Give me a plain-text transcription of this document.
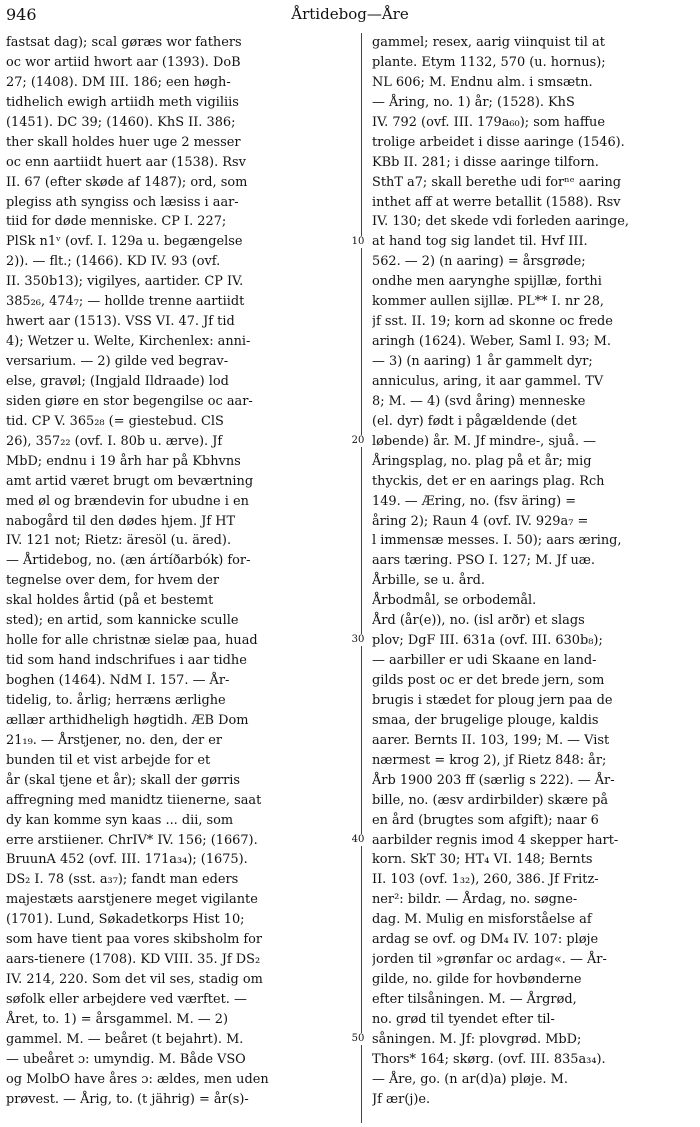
946	Årtidebog—Åre
fastsat dag); scal gøræs wor fathers
oc wor artiid hwort aar (1393). DoB
27; (1408). DM III. 186; een høgh-
tidhelich ewigh artiidh meth vigiliis
(1451). DC 39; (1460). KhS II. 386;
ther skall holdes huer uge 2 messer
oc enn aartiidt huert aar (1538). Rsv
II. 67 (efter skøde af 1487); ord, som
plegiss ath syngiss och læsiss i aar-
tiid for døde menniske. CP I. 227;
PlSk n1ᵛ (ovf. I. 129a u. begængelse
2)). — flt.; (1466). KD IV. 93 (ovf.
II. 350b13); vigilyes, aartider. CP IV.
385₂₆, 474₇; — hollde trenne aartiidt
hwert aar (1513). VSS VI. 47. Jf tid
4); Wetzer u. Welte, Kirchenlex: anni-
versarium. — 2) gilde ved begrav-
else, gravøl; (Ingjald Ildraade) lod
siden giøre en stor begengilse oc aar-
tid. CP V. 365₂₈ (= giestebud. ClS
26), 357₂₂ (ovf. I. 80b u. ærve). Jf
MbD; endnu i 19 årh har på Kbhvns
amt artid været brugt om beværtning
med øl og brændevin for ubudne i en
nabogård til den dødes hjem. Jf HT
IV. 121 not; Rietz: äresöl (u. äred).
— Årtidebog, no. (æn ártíðarbók) for-
tegnelse over dem, for hvem der
skal holdes årtid (på et bestemt
sted); en artid, som kannicke sculle
holle for alle christnæ sielæ paa, huad
tid som hand indschrifues i aar tidhe
boghen (1464). NdM I. 157. — År-
tidelig, to. årlig; herræns ærlighe
ællær arthidheligh høgtidh. ÆB Dom
21₁₉. — Årstjener, no. den, der er
bunden til et vist arbejde for et
år (skal tjene et år); skall der gørris
affregning med manidtz tiienerne, saat
dy kan komme syn kaas ... dii, som
erre arstiiener. ChrIV* IV. 156; (1667).
BruunA 452 (ovf. III. 171a₃₄); (1675).
DS₂ I. 78 (sst. a₃₇); fandt man eders
majestæts aarstjenere meget vigilante
(1701). Lund, Søkadetkorps Hist 10;
som have tient paa vores skibsholm for
aars-tienere (1708). KD VIII. 35. Jf DS₂
IV. 214, 220. Som det vil ses, stadig om
søfolk eller arbejdere ved værftet. —
Året, to. 1) = årsgammel. M. — 2)
gammel. M. — beåret (t bejahrt). M.
— ubeåret ɔ: umyndig. M. Både VSO
og MolbO have åres ɔ: ældes, men uden
prøvest. — Årig, to. (t jährig) = år(s)-
gammel; resex, aarig viinquist til at
plante. Etym 1132, 570 (u. hornus);
NL 606; M. Endnu alm. i smsætn.
— Åring, no. 1) år; (1528). KhS
IV. 792 (ovf. III. 179a₆₀); som haffue
trolige arbeidet i disse aaringe (1546).
KBb II. 281; i disse aaringe tilforn.
SthT a7; skall berethe udi forⁿᵉ aaring
inthet aff at werre betallit (1588). Rsv
IV. 130; det skede vdi forleden aaringe,
at hand tog sig landet til. Hvf III.
562. — 2) (n aaring) = årsgrøde;
ondhe men aarynghe spijllæ, forthi
kommer aullen sijllæ. PL** I. nr 28,
jf sst. II. 19; korn ad skonne oc frede
aringh (1624). Weber, Saml I. 93; M.
— 3) (n aaring) 1 år gammelt dyr;
anniculus, aring, it aar gammel. TV
8; M. — 4) (svd åring) menneske
(el. dyr) født i pågældende (det
løbende) år. M. Jf mindre-, sjuå. —
Åringsplag, no. plag på et år; mig
thyckis, det er en aarings plag. Rch
149. — Æring, no. (fsv äring) =
åring 2); Raun 4 (ovf. IV. 929a₇ =
l immensæ messes. I. 50); aars æring,
aars tæring. PSO I. 127; M. Jf uæ.
Årbille, se u. ård.
Årbodmål, se orbodemål.
Ård (år(e)), no. (isl arðr) et slags
plov; DgF III. 631a (ovf. III. 630b₈);
— aarbiller er udi Skaane en land-
gilds post oc er det brede jern, som
brugis i stædet for ploug jern paa de
smaa, der brugelige plouge, kaldis
aarer. Bernts II. 103, 199; M. — Vist
nærmest = krog 2), jf Rietz 848: år;
Årb 1900 203 ff (særlig s 222). — År-
bille, no. (æsv ardirbilder) skære på
en ård (brugtes som afgift); naar 6
aarbilder regnis imod 4 skepper hart-
korn. SkT 30; HT₄ VI. 148; Bernts
II. 103 (ovf. 1₃₂), 260, 386. Jf Fritz-
ner²: bildr. — Årdag, no. søgne-
dag. M. Mulig en misforståelse af
ardag se ovf. og DM₄ IV. 107: pløje
jorden til »grønfar oc ardag«. — År-
gilde, no. gilde for hovbønderne
efter tilsåningen. M. — Årgrød,
no. grød til tyendet efter til-
såningen. M. Jf: plovgrød. MbD;
Thors* 164; skørg. (ovf. III. 835a₃₄).
— Åre, go. (n ar(d)a) pløje. M.
Jf ær(j)e.
10
20
30
40
50
